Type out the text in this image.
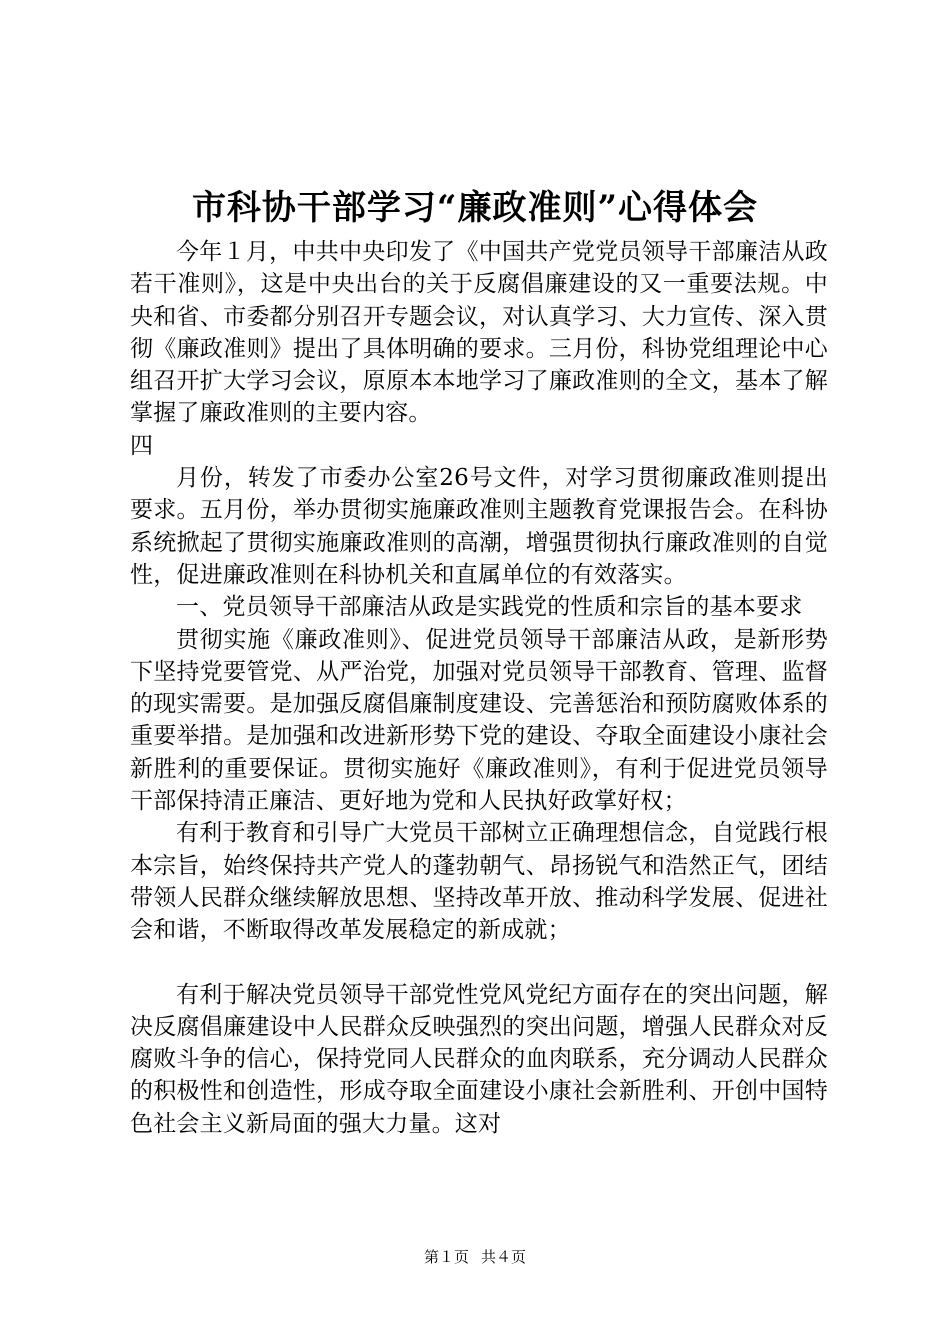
市科协干部学习“廉政准则”心得体会

今年１月，中共中央印发了《中国共产党党员领导干部廉洁从政若干准则》，这是中央出台的关于反腐倡廉建设的又一重要法规。中央和省、市委都分别召开专题会议，对认真学习、大力宣传、深入贯彻《廉政准则》提出了具体明确的要求。三月份，科协党组理论中心组召开扩大学习会议，原原本本地学习了廉政准则的全文，基本了解掌握了廉政准则的主要内容。

四

月份，转发了市委办公室26号文件，对学习贯彻廉政准则提出要求。五月份，举办贯彻实施廉政准则主题教育党课报告会。在科协系统掀起了贯彻实施廉政准则的高潮，增强贯彻执行廉政准则的自觉性，促进廉政准则在科协机关和直属单位的有效落实。

一、党员领导干部廉洁从政是实践党的性质和宗旨的基本要求

贯彻实施《廉政准则》、促进党员领导干部廉洁从政，是新形势下坚持党要管党、从严治党，加强对党员领导干部教育、管理、监督的现实需要。是加强反腐倡廉制度建设、完善惩治和预防腐败体系的重要举措。是加强和改进新形势下党的建设、夺取全面建设小康社会新胜利的重要保证。贯彻实施好《廉政准则》，有利于促进党员领导干部保持清正廉洁、更好地为党和人民执好政掌好权；

有利于教育和引导广大党员干部树立正确理想信念，自觉践行根本宗旨，始终保持共产党人的蓬勃朝气、昂扬锐气和浩然正气，团结带领人民群众继续解放思想、坚持改革开放、推动科学发展、促进社会和谐，不断取得改革发展稳定的新成就；

有利于解决党员领导干部党性党风党纪方面存在的突出问题，解决反腐倡廉建设中人民群众反映强烈的突出问题，增强人民群众对反腐败斗争的信心，保持党同人民群众的血肉联系，充分调动人民群众的积极性和创造性，形成夺取全面建设小康社会新胜利、开创中国特色社会主义新局面的强大力量。这对

第１页 共４页
